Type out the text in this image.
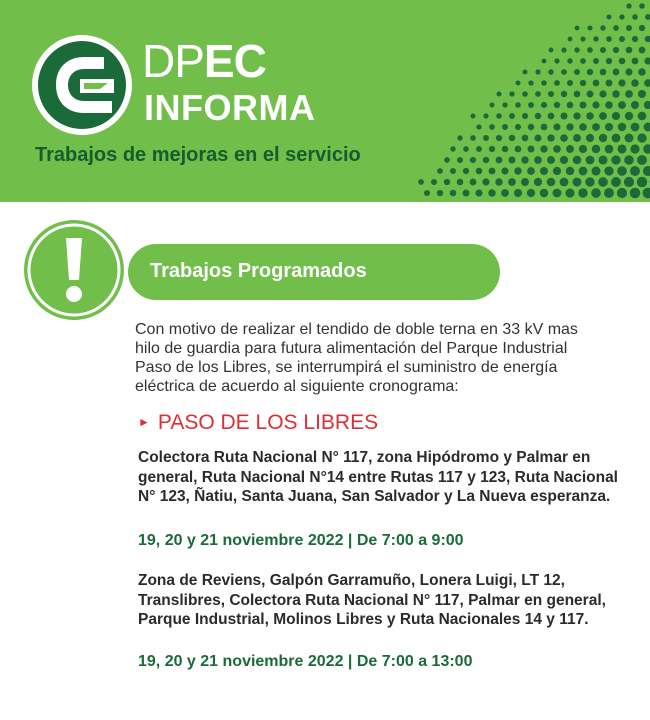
DPEC
INFORMA
Trabajos de mejoras en el servicio
Trabajos Programados
Con motivo de realizar el tendido de doble terna en 33 kV mas hilo de guardia para futura alimentación del Parque Industrial Paso de los Libres, se interrumpirá el suministro de energía eléctrica de acuerdo al siguiente cronograma:
► PASO DE LOS LIBRES
Colectora Ruta Nacional N° 117, zona Hipódromo y Palmar en general, Ruta Nacional N°14 entre Rutas 117 y 123, Ruta Nacional N° 123, Ñatiu, Santa Juana, San Salvador y La Nueva esperanza.
19, 20 y 21 noviembre 2022 | De 7:00 a 9:00
Zona de Reviens, Galpón Garramuño, Lonera Luigi, LT 12, Translibres, Colectora Ruta Nacional N° 117, Palmar en general, Parque Industrial, Molinos Libres y Ruta Nacionales 14 y 117.
19, 20 y 21 noviembre 2022 | De 7:00 a 13:00
